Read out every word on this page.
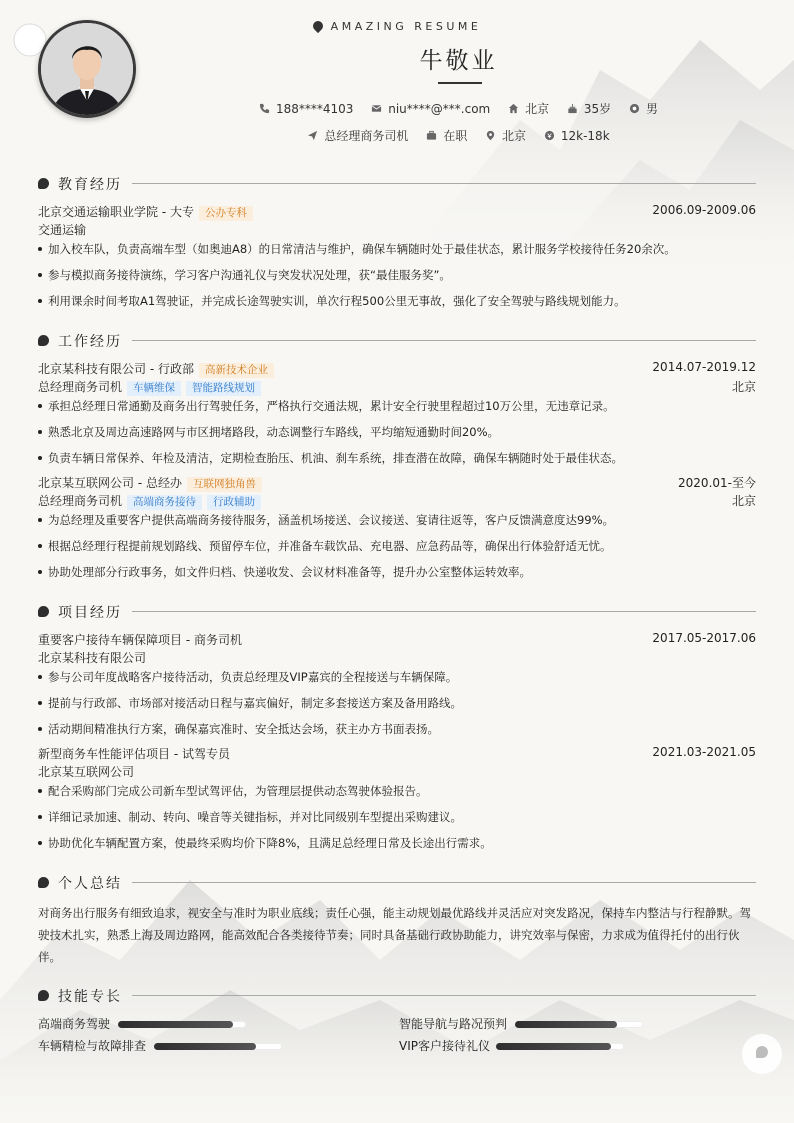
AMAZING RESUME
牛敬业
188****4103	niu****@***.com	北京	35岁	男
总经理商务司机	在职	北京	12k-18k
教育经历
北京交通运输职业学院 - 大专 公办专科	2006.09-2009.06
交通运输
加入校车队，负责高端车型（如奥迪A8）的日常清洁与维护，确保车辆随时处于最佳状态，累计服务学校接待任务20余次。
参与模拟商务接待演练，学习客户沟通礼仪与突发状况处理，获“最佳服务奖”。
利用课余时间考取A1驾驶证，并完成长途驾驶实训，单次行程500公里无事故，强化了安全驾驶与路线规划能力。
工作经历
北京某科技有限公司 - 行政部 高新技术企业	2014.07-2019.12
总经理商务司机 车辆维保 智能路线规划	北京
承担总经理日常通勤及商务出行驾驶任务，严格执行交通法规，累计安全行驶里程超过10万公里，无违章记录。
熟悉北京及周边高速路网与市区拥堵路段，动态调整行车路线，平均缩短通勤时间20%。
负责车辆日常保养、年检及清洁，定期检查胎压、机油、刹车系统，排查潜在故障，确保车辆随时处于最佳状态。
北京某互联网公司 - 总经办 互联网独角兽	2020.01-至今
总经理商务司机 高端商务接待 行政辅助	北京
为总经理及重要客户提供高端商务接待服务，涵盖机场接送、会议接送、宴请往返等，客户反馈满意度达99%。
根据总经理行程提前规划路线、预留停车位，并准备车载饮品、充电器、应急药品等，确保出行体验舒适无忧。
协助处理部分行政事务，如文件归档、快递收发、会议材料准备等，提升办公室整体运转效率。
项目经历
重要客户接待车辆保障项目 - 商务司机	2017.05-2017.06
北京某科技有限公司
参与公司年度战略客户接待活动，负责总经理及VIP嘉宾的全程接送与车辆保障。
提前与行政部、市场部对接活动日程与嘉宾偏好，制定多套接送方案及备用路线。
活动期间精准执行方案，确保嘉宾准时、安全抵达会场，获主办方书面表扬。
新型商务车性能评估项目 - 试驾专员	2021.03-2021.05
北京某互联网公司
配合采购部门完成公司新车型试驾评估，为管理层提供动态驾驶体验报告。
详细记录加速、制动、转向、噪音等关键指标，并对比同级别车型提出采购建议。
协助优化车辆配置方案，使最终采购均价下降8%，且满足总经理日常及长途出行需求。
个人总结
对商务出行服务有细致追求，视安全与准时为职业底线；责任心强，能主动规划最优路线并灵活应对突发路况，保持车内整洁与行程静默。驾驶技术扎实，熟悉上海及周边路网，能高效配合各类接待节奏；同时具备基础行政协助能力，讲究效率与保密，力求成为值得托付的出行伙伴。
技能专长
高端商务驾驶	智能导航与路况预判
车辆精检与故障排查	VIP客户接待礼仪
